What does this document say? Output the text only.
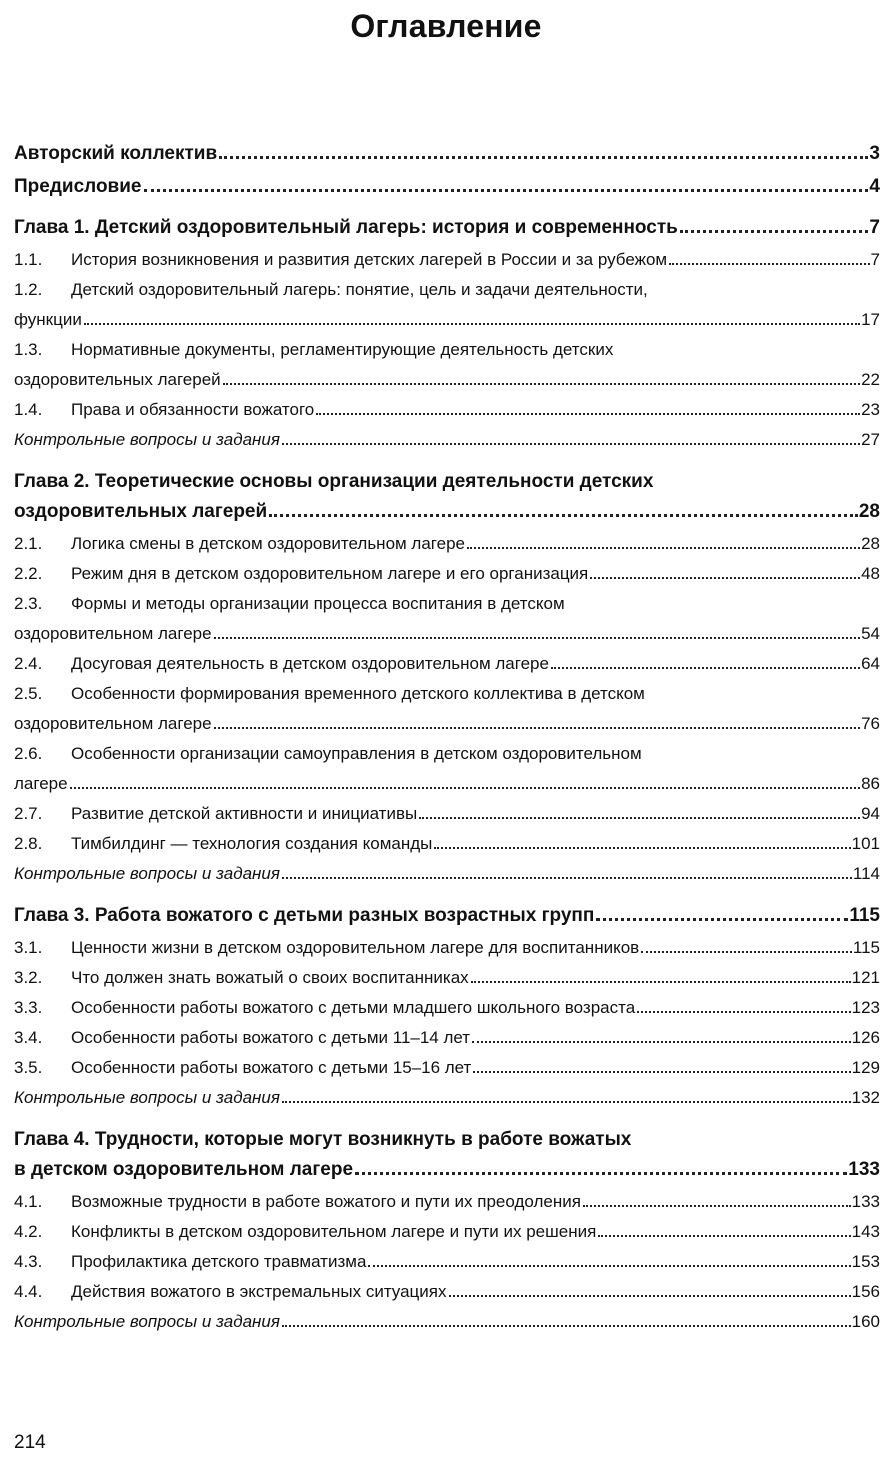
Оглавление
Авторский коллектив	3
Предисловие	4
Глава 1. Детский оздоровительный лагерь: история и современность	7
1.1.	История возникновения и развития детских лагерей в России и за рубежом	7
1.2.	Детский оздоровительный лагерь: понятие, цель и задачи деятельности,
функции	17
1.3.	Нормативные документы, регламентирующие деятельность детских
оздоровительных лагерей	22
1.4.	Права и обязанности вожатого	23
Контрольные вопросы и задания	27
Глава 2. Теоретические основы организации деятельности детских
оздоровительных лагерей	28
2.1.	Логика смены в детском оздоровительном лагере	28
2.2.	Режим дня в детском оздоровительном лагере и его организация	48
2.3.	Формы и методы организации процесса воспитания в детском
оздоровительном лагере	54
2.4.	Досуговая деятельность в детском оздоровительном лагере	64
2.5.	Особенности формирования временного детского коллектива в детском
оздоровительном лагере	76
2.6.	Особенности организации самоуправления в детском оздоровительном
лагере	86
2.7.	Развитие детской активности и инициативы	94
2.8.	Тимбилдинг — технология создания команды	101
Контрольные вопросы и задания	114
Глава 3. Работа вожатого с детьми разных возрастных групп	115
3.1.	Ценности жизни в детском оздоровительном лагере для воспитанников	115
3.2.	Что должен знать вожатый о своих воспитанниках	121
3.3.	Особенности работы вожатого с детьми младшего школьного возраста	123
3.4.	Особенности работы вожатого с детьми 11–14 лет	126
3.5.	Особенности работы вожатого с детьми 15–16 лет	129
Контрольные вопросы и задания	132
Глава 4. Трудности, которые могут возникнуть в работе вожатых
в детском оздоровительном лагере	133
4.1.	Возможные трудности в работе вожатого и пути их преодоления	133
4.2.	Конфликты в детском оздоровительном лагере и пути их решения	143
4.3.	Профилактика детского травматизма	153
4.4.	Действия вожатого в экстремальных ситуациях	156
Контрольные вопросы и задания	160
214
